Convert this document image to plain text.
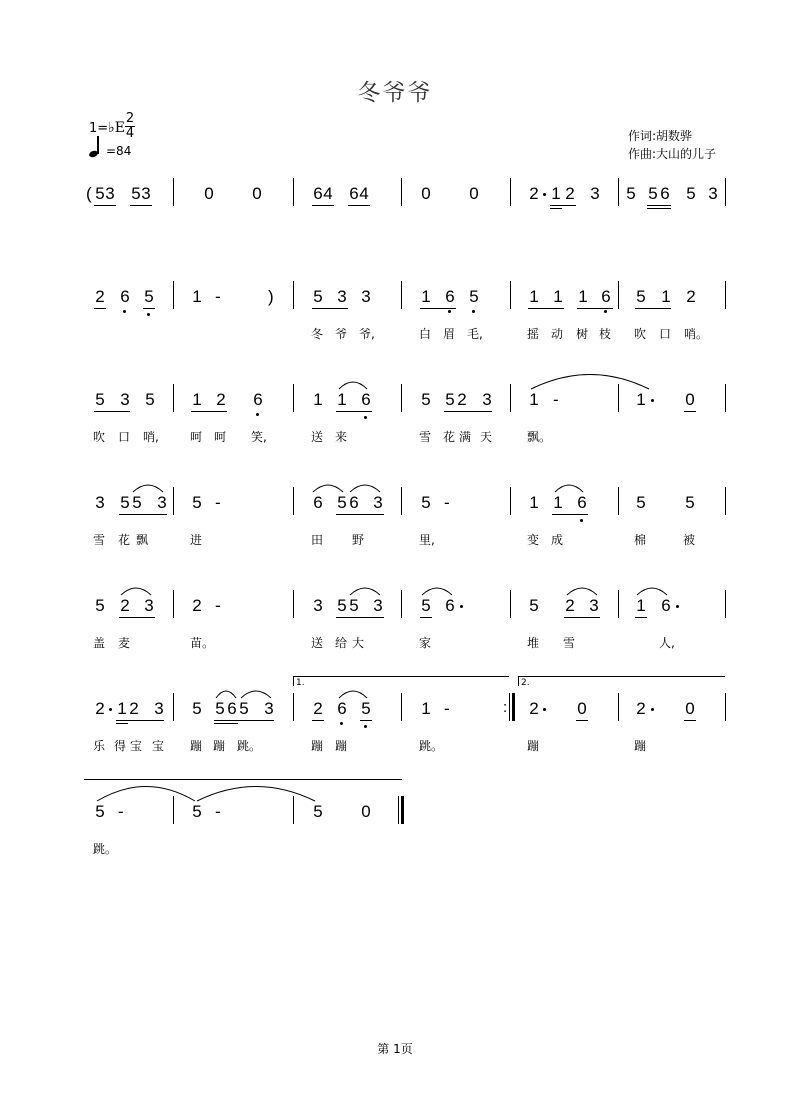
冬爷爷
1=♭E
2
4
=84
作词:胡数骅
作曲:大山的儿子
( 5 3 5 3	0 0	6 4 6 4	0 0	2 1 2 3 5 5 6 5 3
2 6 5 1 -	) 5 3 3
冬 爷 爷,
1 6 5
白 眉 毛,
1 1 1 6
摇 动 树 枝
5 1 2
吹 口 哨。
5 3 5
吹 口 哨,
1 2 6
呵 呵 笑,
1 1 6
送 来
5 5 2 3
雪 花 满 天
1 -
飘。
1 0
3 5 5 3
雪 花 飘
5 -
进
6 5 6 3
田 野
5 -
里,
1 1 6
变 成
5 5
棉	被
5 2 3
盖 麦
2 -
苗。
3 5 5 3
送 给 大
5 6
家
5 2 3
堆 雪
1 6
人,
1.	2.
2 1 2 3
乐 得 宝 宝
5 5 6 5 3
蹦 蹦 跳。
2 6 5
蹦 蹦
1 -
跳。
: 2 0
蹦
2 0
蹦
5 -
跳。
5 -	5 0
第 1页
